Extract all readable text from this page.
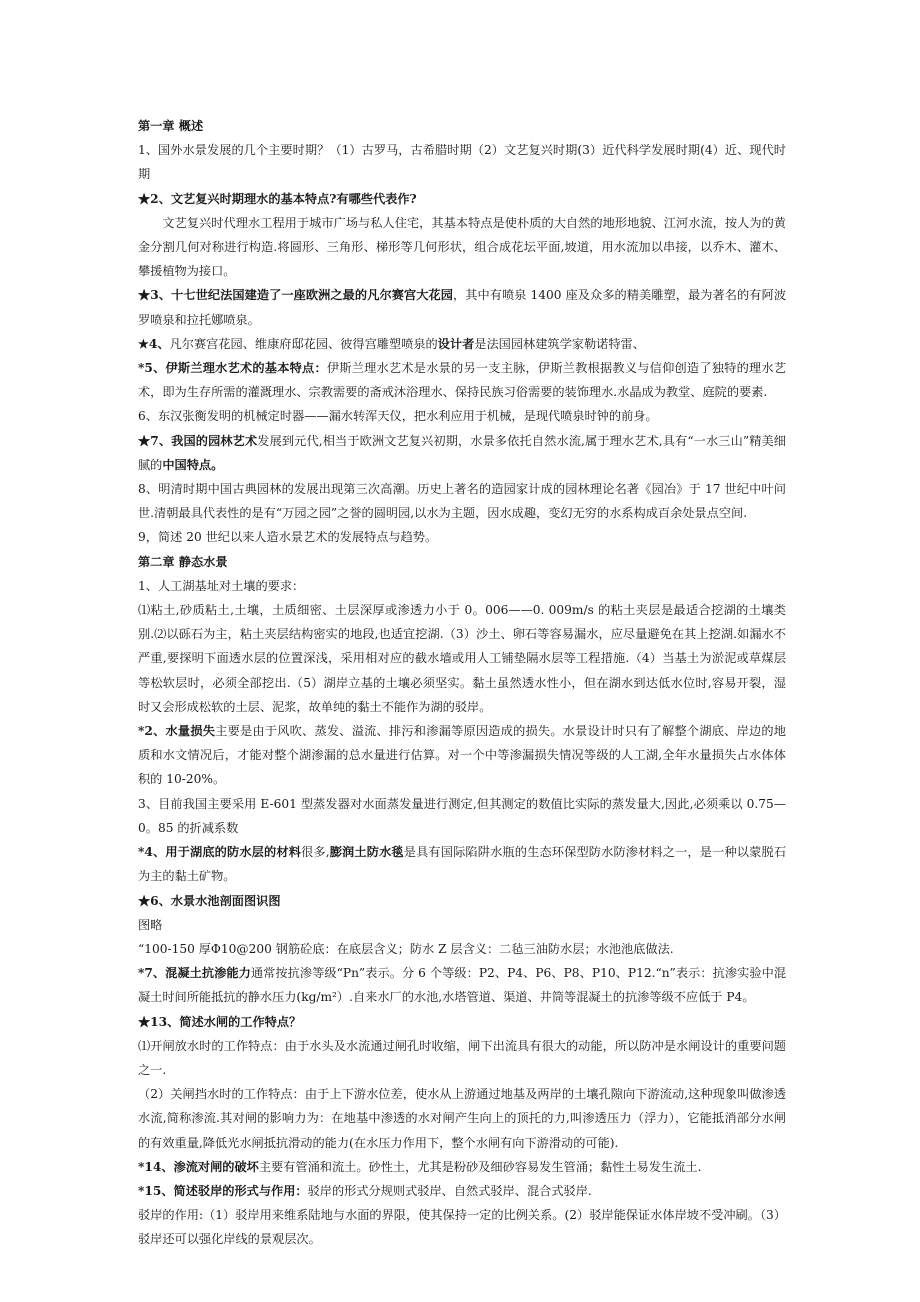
第一章 概述

1、国外水景发展的几个主要时期？（1）古罗马，古希腊时期（2）文艺复兴时期(3）近代科学发展时期(4）近、现代时期

★2、文艺复兴时期理水的基本特点?有哪些代表作?

文艺复兴时代理水工程用于城市广场与私人住宅，其基本特点是使朴质的大自然的地形地貌、江河水流，按人为的黄金分割几何对称进行构造.将圆形、三角形、梯形等几何形状，组合成花坛平面,坡道，用水流加以串接，以乔木、灌木、攀援植物为接口。

★3、十七世纪法国建造了一座欧洲之最的凡尔赛宫大花园，其中有喷泉 1400 座及众多的精美雕塑，最为著名的有阿波罗喷泉和拉托娜喷泉。

★4、凡尔赛宫花园、维康府邸花园、彼得宫雕塑喷泉的设计者是法国园林建筑学家勒诺特雷、

*5、伊斯兰理水艺术的基本特点：伊斯兰理水艺术是水景的另一支主脉，伊斯兰教根据教义与信仰创造了独特的理水艺术，即为生存所需的灌溉理水、宗教需要的斋戒沐浴理水、保持民族习俗需要的装饰理水.水晶成为教堂、庭院的要素.

6、东汉张衡发明的机械定时器——漏水转浑天仪，把水利应用于机械，是现代喷泉时钟的前身。

★7、我国的园林艺术发展到元代,相当于欧洲文艺复兴初期，水景多依托自然水流,属于理水艺术,具有“一水三山”精美细腻的中国特点。

8、明清时期中国古典园林的发展出现第三次高潮。历史上著名的造园家计成的园林理论名著《园冶》于 17 世纪中叶问世.清朝最具代表性的是有“万园之园”之誉的圆明园,以水为主题，因水成趣，变幻无穷的水系构成百余处景点空间.

9，简述 20 世纪以来人造水景艺术的发展特点与趋势。

第二章 静态水景

1、人工湖基址对土壤的要求：

⑴粘土,砂质粘土,土壤，土质细密、土层深厚或渗透力小于 0。006——0. 009m/s 的粘土夹层是最适合挖湖的土壤类别.⑵以砾石为主，粘土夹层结构密实的地段,也适宜挖湖.（3）沙土、卵石等容易漏水，应尽量避免在其上挖湖.如漏水不严重,要探明下面透水层的位置深浅，采用相对应的截水墙或用人工铺垫隔水层等工程措施.（4）当基土为淤泥或草煤层等松软层时，必须全部挖出.（5）湖岸立基的土壤必须坚实。黏土虽然透水性小，但在湖水到达低水位时,容易开裂，湿时又会形成松软的土层、泥浆，故单纯的黏土不能作为湖的驳岸。

*2、水量损失主要是由于风吹、蒸发、溢流、排污和渗漏等原因造成的损失。水景设计时只有了解整个湖底、岸边的地质和水文情况后，才能对整个湖渗漏的总水量进行估算。对一个中等渗漏损失情况等级的人工湖,全年水量损失占水体体积的 10-20%。

3、目前我国主要采用 E-601 型蒸发器对水面蒸发量进行测定,但其测定的数值比实际的蒸发量大,因此,必须乘以 0.75—0。85 的折减系数

*4、用于湖底的防水层的材料很多,膨润土防水毯是具有国际陷阱水瓶的生态环保型防水防渗材料之一，是一种以蒙脱石为主的黏土矿物。

★6、水景水池剖面图识图

图略

“100-150 厚Φ10@200 钢筋砼底：在底层含义；防水 Z 层含义：二毡三油防水层；水池池底做法.

*7、混凝土抗渗能力通常按抗渗等级“Pn”表示。分 6 个等级：P2、P4、P6、P8、P10、P12.“n”表示：抗渗实验中混凝土时间所能抵抗的静水压力(kg/m²）.自来水厂的水池,水塔管道、渠道、井筒等混凝土的抗渗等级不应低于 P4。

★13、简述水闸的工作特点？

⑴开闸放水时的工作特点：由于水头及水流通过闸孔时收缩，闸下出流具有很大的动能，所以防冲是水闸设计的重要问题之一.

（2）关闸挡水时的工作特点：由于上下游水位差，使水从上游通过地基及两岸的土壤孔隙向下游流动,这种现象叫做渗透水流,简称渗流.其对闸的影响力为：在地基中渗透的水对闸产生向上的顶托的力,叫渗透压力（浮力），它能抵消部分水闸的有效重量,降低光水闸抵抗滑动的能力(在水压力作用下，整个水闸有向下游滑动的可能).

*14、渗流对闸的破坏主要有管涌和流土。砂性土，尤其是粉砂及细砂容易发生管涌；黏性土易发生流土.

*15、简述驳岸的形式与作用：驳岸的形式分规则式驳岸、自然式驳岸、混合式驳岸.

驳岸的作用:（1）驳岸用来维系陆地与水面的界限，使其保持一定的比例关系。(2）驳岸能保证水体岸坡不受冲刷。（3）驳岸还可以强化岸线的景观层次。
